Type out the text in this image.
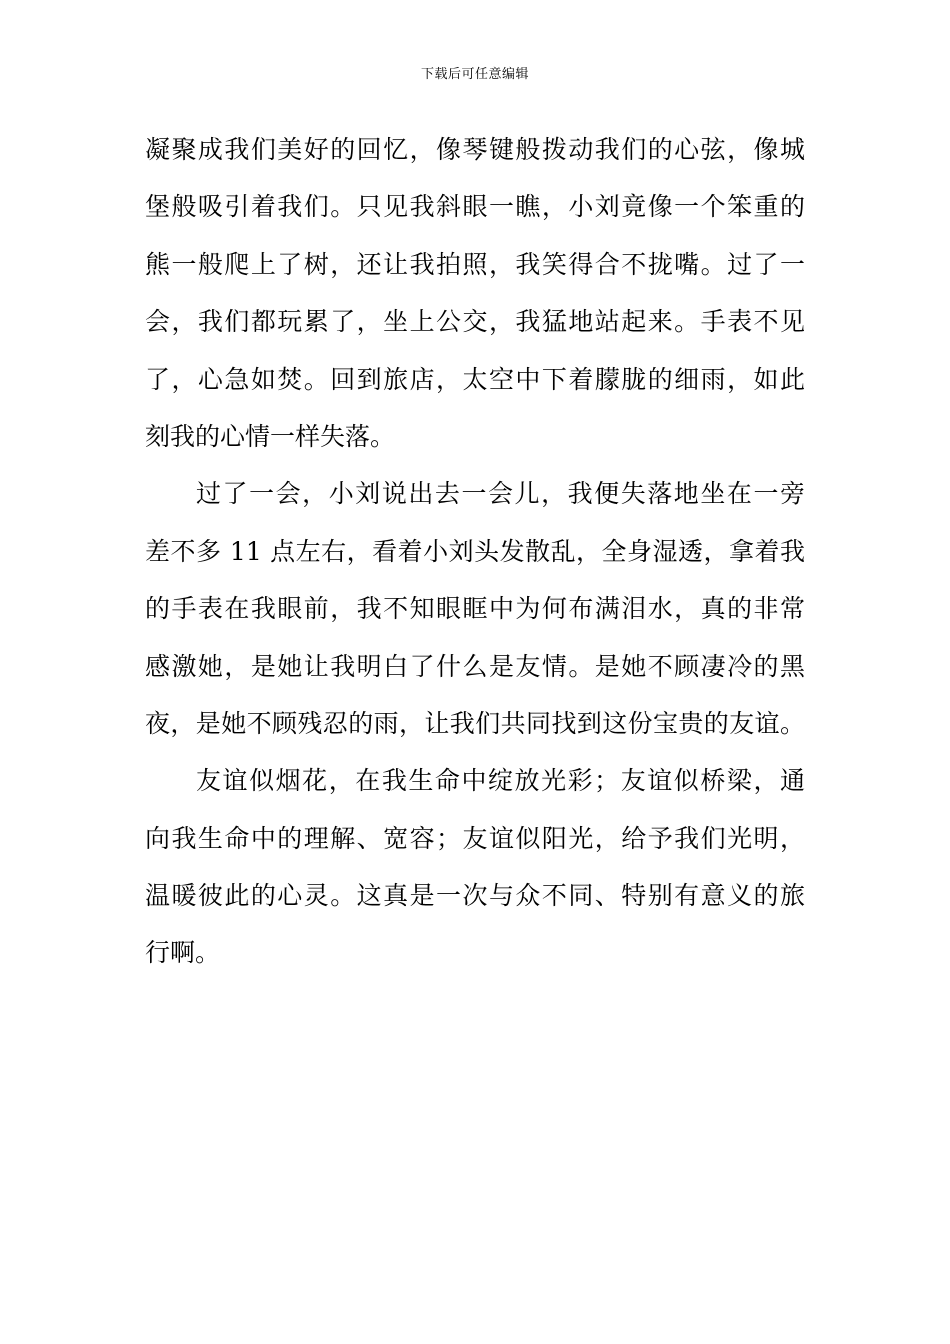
下载后可任意编辑
凝聚成我们美好的回忆，像琴键般拨动我们的心弦，像城
堡般吸引着我们。只见我斜眼一瞧，小刘竟像一个笨重的
熊一般爬上了树，还让我拍照，我笑得合不拢嘴。过了一
会，我们都玩累了，坐上公交，我猛地站起来。手表不见
了，心急如焚。回到旅店，太空中下着朦胧的细雨，如此
刻我的心情一样失落。
过了一会，小刘说出去一会儿，我便失落地坐在一旁
差不多 11 点左右，看着小刘头发散乱，全身湿透，拿着我
的手表在我眼前，我不知眼眶中为何布满泪水，真的非常
感激她，是她让我明白了什么是友情。是她不顾凄冷的黑
夜，是她不顾残忍的雨，让我们共同找到这份宝贵的友谊。
友谊似烟花，在我生命中绽放光彩；友谊似桥梁，通
向我生命中的理解、宽容；友谊似阳光，给予我们光明，
温暖彼此的心灵。这真是一次与众不同、特别有意义的旅
行啊。
